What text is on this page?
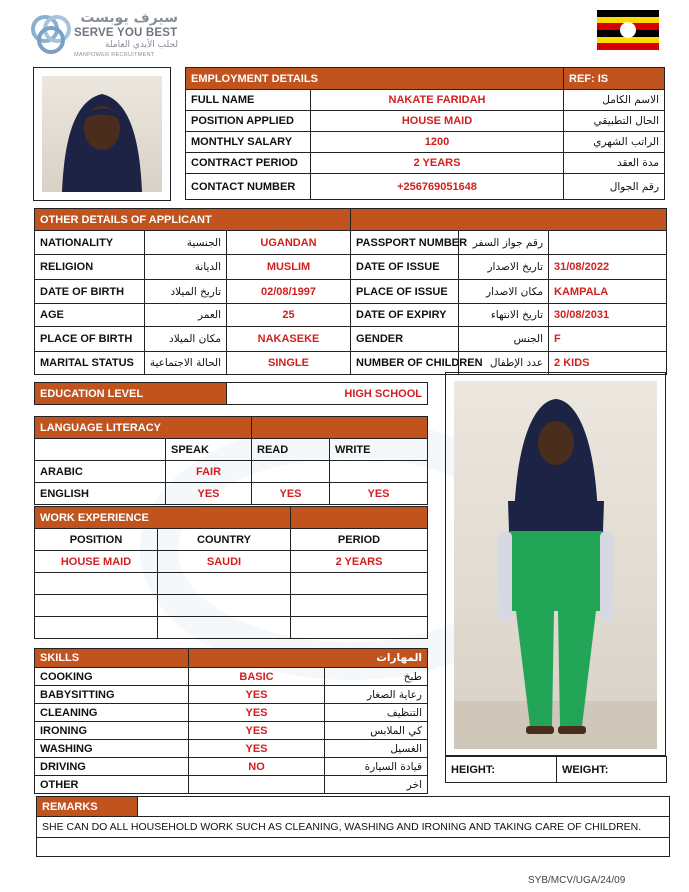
سيرف يوبست
SERVE YOU BEST
لجلب الأيدي العاملة
MANPOWER RECRUITMENT
EMPLOYMENT DETAILS		REF: IS
FULL NAME	NAKATE FARIDAH	الاسم الكامل
POSITION APPLIED	HOUSE MAID	الحال التطبيقي
MONTHLY SALARY	1200	الراتب الشهري
CONTRACT PERIOD	2 YEARS	مدة العقد
CONTACT NUMBER	+256769051648	رقم الجوال
OTHER DETAILS OF APPLICANT					
NATIONALITY	الجنسية	UGANDAN	PASSPORT NUMBER	رقم جواز السفر	
RELIGION	الديانة	MUSLIM	DATE OF ISSUE	تاريخ الاصدار	31/08/2022
DATE OF BIRTH	تاريخ الميلاد	02/08/1997	PLACE OF ISSUE	مكان الاصدار	KAMPALA
AGE	العمر	25	DATE OF EXPIRY	تاريخ الانتهاء	30/08/2031
PLACE OF BIRTH	مكان الميلاد	NAKASEKE	GENDER	الجنس	F
MARITAL STATUS	الحالة الاجتماعية	SINGLE	NUMBER OF CHILDREN	عدد الإطفال	2 KIDS
EDUCATION LEVEL	HIGH SCHOOL
LANGUAGE LITERACY			
	SPEAK	READ	WRITE
ARABIC	FAIR		
ENGLISH	YES	YES	YES
WORK EXPERIENCE		
POSITION	COUNTRY	PERIOD
HOUSE MAID	SAUDI	2 YEARS

SKILLS	المهارات	
COOKING	BASIC	طبخ
BABYSITTING	YES	رعاية الصغار
CLEANING	YES	التنظيف
IRONING	YES	كي الملابس
WASHING	YES	الغسيل
DRIVING	NO	قيادة السيارة
OTHER		اخر
HEIGHT:	WEIGHT:
REMARKS	
SHE CAN DO ALL HOUSEHOLD WORK SUCH AS CLEANING, WASHING AND IRONING AND TAKING CARE OF CHILDREN.

SYB/MCV/UGA/24/09
